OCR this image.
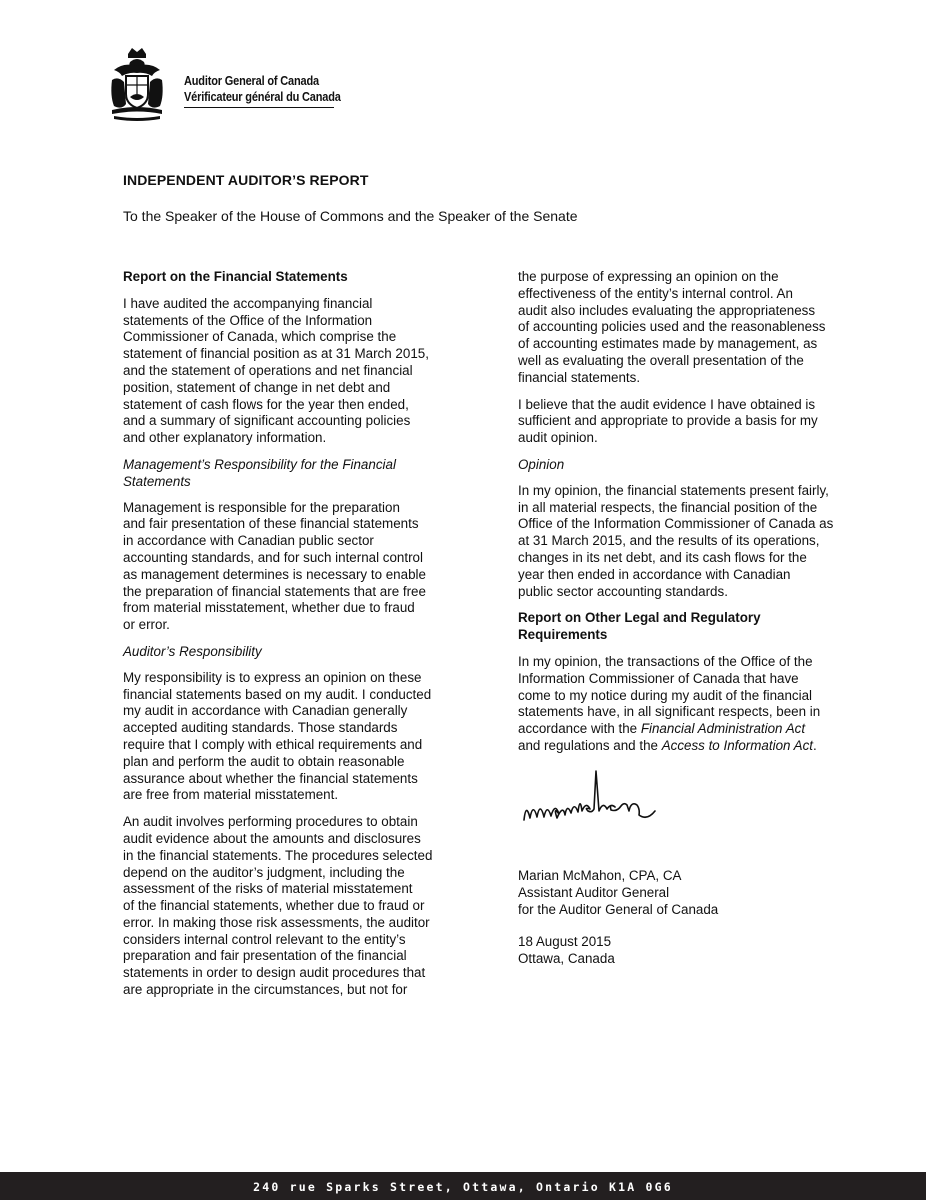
Auditor General of Canada
Vérificateur général du Canada
INDEPENDENT AUDITOR’S REPORT
To the Speaker of the House of Commons and the Speaker of the Senate

Report on the Financial Statements

I have audited the accompanying financial
statements of the Office of the Information
Commissioner of Canada, which comprise the
statement of financial position as at 31 March 2015,
and the statement of operations and net financial
position, statement of change in net debt and
statement of cash flows for the year then ended,
and a summary of significant accounting policies
and other explanatory information.

Management’s Responsibility for the Financial
Statements

Management is responsible for the preparation
and fair presentation of these financial statements
in accordance with Canadian public sector
accounting standards, and for such internal control
as management determines is necessary to enable
the preparation of financial statements that are free
from material misstatement, whether due to fraud
or error.

Auditor’s Responsibility

My responsibility is to express an opinion on these
financial statements based on my audit. I conducted
my audit in accordance with Canadian generally
accepted auditing standards. Those standards
require that I comply with ethical requirements and
plan and perform the audit to obtain reasonable
assurance about whether the financial statements
are free from material misstatement.

An audit involves performing procedures to obtain
audit evidence about the amounts and disclosures
in the financial statements. The procedures selected
depend on the auditor’s judgment, including the
assessment of the risks of material misstatement
of the financial statements, whether due to fraud or
error. In making those risk assessments, the auditor
considers internal control relevant to the entity’s
preparation and fair presentation of the financial
statements in order to design audit procedures that
are appropriate in the circumstances, but not for

the purpose of expressing an opinion on the
effectiveness of the entity’s internal control. An
audit also includes evaluating the appropriateness
of accounting policies used and the reasonableness
of accounting estimates made by management, as
well as evaluating the overall presentation of the
financial statements.

I believe that the audit evidence I have obtained is
sufficient and appropriate to provide a basis for my
audit opinion.

Opinion

In my opinion, the financial statements present fairly,
in all material respects, the financial position of the
Office of the Information Commissioner of Canada as
at 31 March 2015, and the results of its operations,
changes in its net debt, and its cash flows for the
year then ended in accordance with Canadian
public sector accounting standards.

Report on Other Legal and Regulatory
Requirements

In my opinion, the transactions of the Office of the
Information Commissioner of Canada that have
come to my notice during my audit of the financial
statements have, in all significant respects, been in
accordance with the Financial Administration Act
and regulations and the Access to Information Act.

Marian McMahon, CPA, CA
Assistant Auditor General
for the Auditor General of Canada
18 August 2015
Ottawa, Canada
240 rue Sparks Street, Ottawa, Ontario K1A 0G6
